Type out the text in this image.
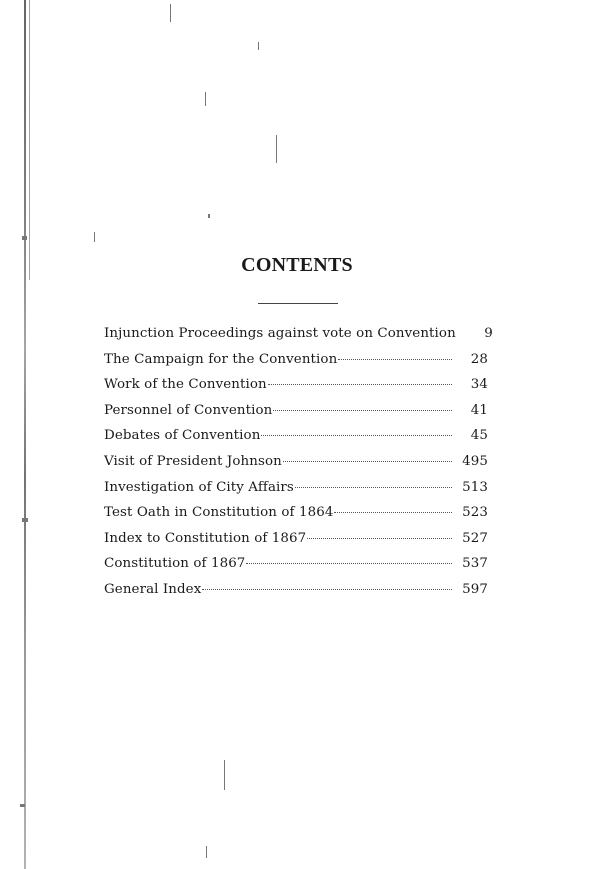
CONTENTS
Injunction Proceedings against vote on Convention	9
The Campaign for the Convention	28
Work of the Convention	34
Personnel of Convention	41
Debates of Convention	45
Visit of President Johnson	495
Investigation of City Affairs	513
Test Oath in Constitution of 1864	523
Index to Constitution of 1867	527
Constitution of 1867	537
General Index	597
